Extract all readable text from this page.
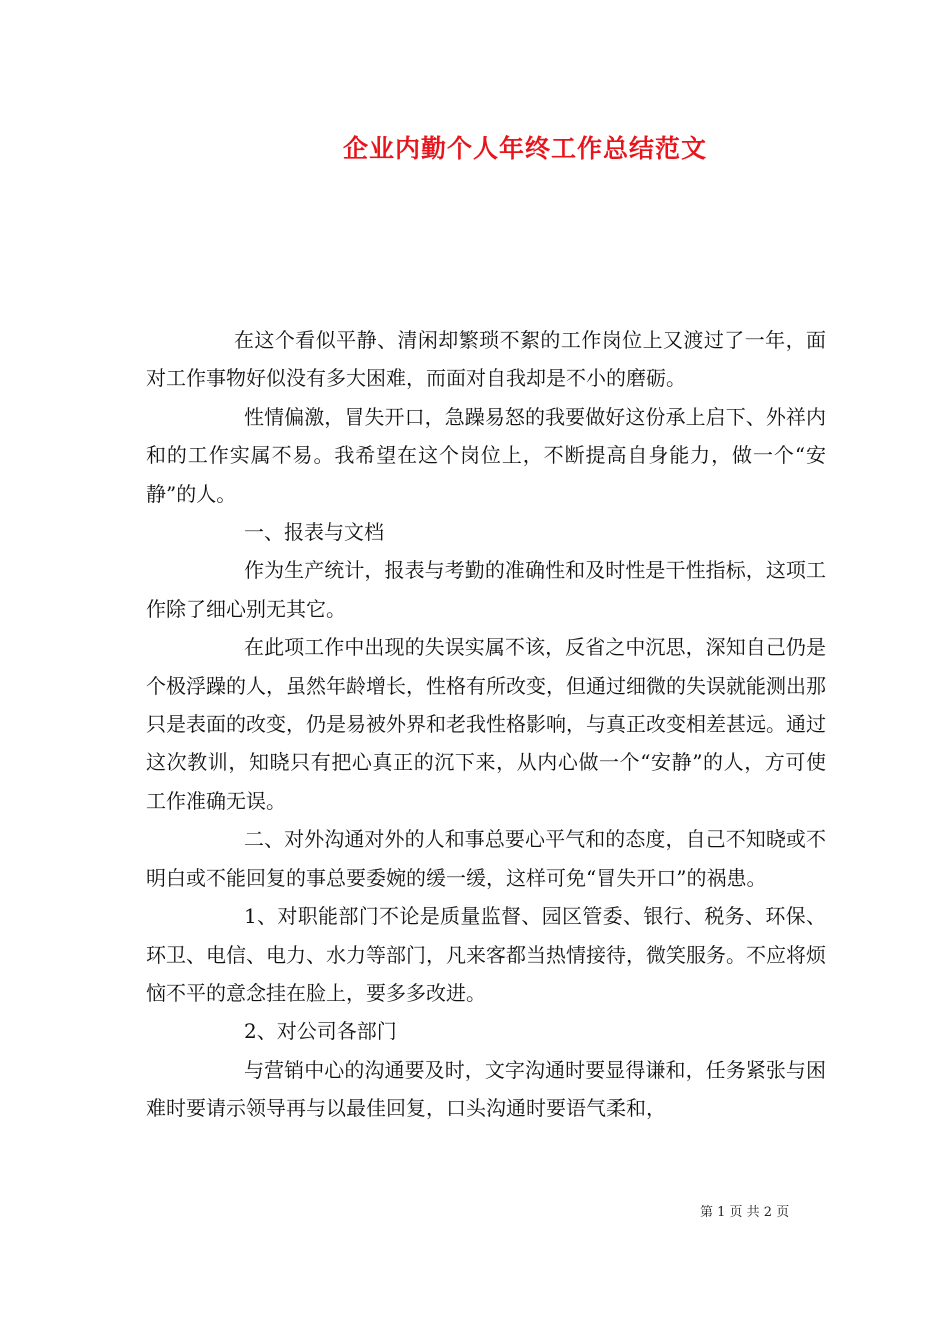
企业内勤个人年终工作总结范文

在这个看似平静、清闲却繁琐不絮的工作岗位上又渡过了一年，面对工作事物好似没有多大困难，而面对自我却是不小的磨砺。

性情偏激，冒失开口，急躁易怒的我要做好这份承上启下、外祥内和的工作实属不易。我希望在这个岗位上，不断提高自身能力，做一个“安静”的人。

一、报表与文档

作为生产统计，报表与考勤的准确性和及时性是干性指标，这项工作除了细心别无其它。

在此项工作中出现的失误实属不该，反省之中沉思，深知自己仍是个极浮躁的人，虽然年龄增长，性格有所改变，但通过细微的失误就能测出那只是表面的改变，仍是易被外界和老我性格影响，与真正改变相差甚远。通过这次教训，知晓只有把心真正的沉下来，从内心做一个“安静”的人，方可使工作准确无误。

二、对外沟通对外的人和事总要心平气和的态度，自己不知晓或不明白或不能回复的事总要委婉的缓一缓，这样可免“冒失开口”的祸患。

1、对职能部门不论是质量监督、园区管委、银行、税务、环保、环卫、电信、电力、水力等部门，凡来客都当热情接待，微笑服务。不应将烦恼不平的意念挂在脸上，要多多改进。

2、对公司各部门

与营销中心的沟通要及时，文字沟通时要显得谦和，任务紧张与困难时要请示领导再与以最佳回复，口头沟通时要语气柔和，

第 1 页 共 2 页
